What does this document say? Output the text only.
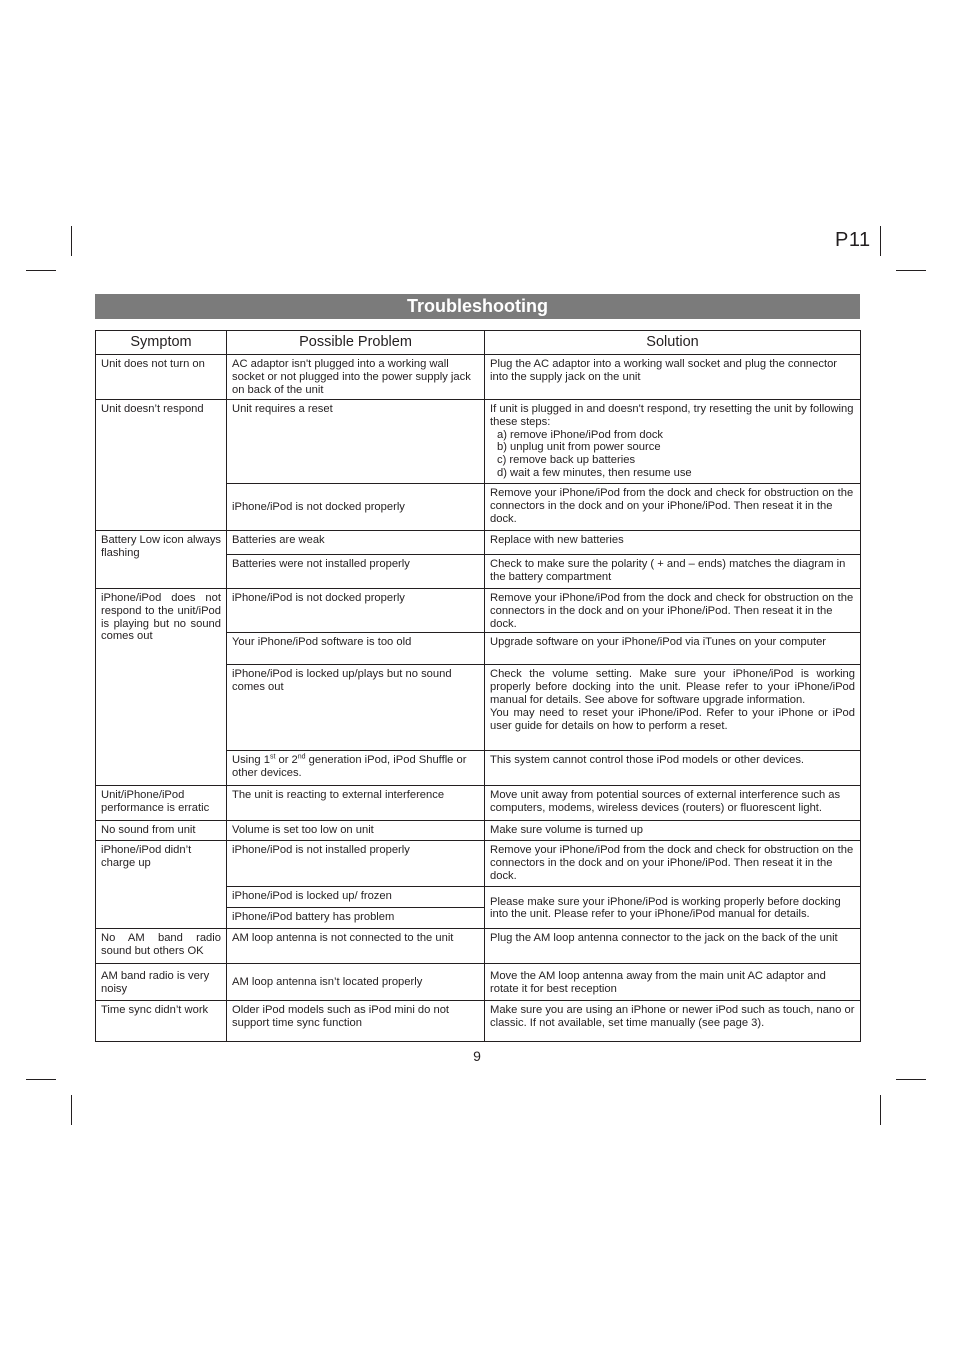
P11
Troubleshooting
Symptom	Possible Problem	Solution
Unit does not turn on	AC adaptor isn't plugged into a working wall socket or not plugged into the power supply jack on back of the unit	Plug the AC adaptor into a working wall socket and plug the connector into the supply jack on the unit
Unit doesn’t respond	Unit requires a reset	If unit is plugged in and doesn't respond, try resetting the unit by following these steps:
a) remove iPhone/iPod from dock
b) unplug unit from power source
c) remove back up batteries
d) wait a few minutes, then resume use

	iPhone/iPod is not docked properly	Remove your iPhone/iPod from the dock and check for obstruction on the connectors in the dock and on your iPhone/iPod. Then reseat it in the dock.
Battery Low icon always flashing	Batteries are weak	Replace with new batteries
	Batteries were not installed properly	Check to make sure the polarity ( + and – ends) matches the diagram in the battery compartment
iPhone/iPod does not respond to the unit/iPod is playing but no sound comes out	iPhone/iPod is not docked properly	Remove your iPhone/iPod from the dock and check for obstruction on the connectors in the dock and on your iPhone/iPod. Then reseat it in the dock.
	Your iPhone/iPod software is too old	Upgrade software on your iPhone/iPod via iTunes on your computer
	iPhone/iPod is locked up/plays but no sound comes out	Check the volume setting. Make sure your iPhone/iPod is working properly before docking into the unit. Please refer to your iPhone/iPod manual for details. See above for software upgrade information.
You may need to reset your iPhone/iPod. Refer to your iPhone or iPod user guide for details on how to perform a reset.

	Using 1st or 2nd generation iPod, iPod Shuffle or other devices.	This system cannot control those iPod models or other devices.
Unit/iPhone/iPod performance is erratic	The unit is reacting to external interference	Move unit away from potential sources of external interference such as computers, modems, wireless devices (routers) or fluorescent light.
No sound from unit	Volume is set too low on unit	Make sure volume is turned up
iPhone/iPod didn’t charge up	iPhone/iPod is not installed properly	Remove your iPhone/iPod from the dock and check for obstruction on the connectors in the dock and on your iPhone/iPod. Then reseat it in the dock.
	iPhone/iPod is locked up/ frozen	Please make sure your iPhone/iPod is working properly before docking into the unit. Please refer to your iPhone/iPod manual for details.
	iPhone/iPod battery has problem	
No AM band radio sound but others OK	AM loop antenna is not connected to the unit	Plug the AM loop antenna connector to the jack on the back of the unit
AM band radio is very noisy	AM loop antenna isn’t located properly	Move the AM loop antenna away from the main unit AC adaptor and rotate it for best reception
Time sync didn’t work	Older iPod models such as iPod mini do not support time sync function	Make sure you are using an iPhone or newer iPod such as touch, nano or classic. If not available, set time manually (see page 3).
9
